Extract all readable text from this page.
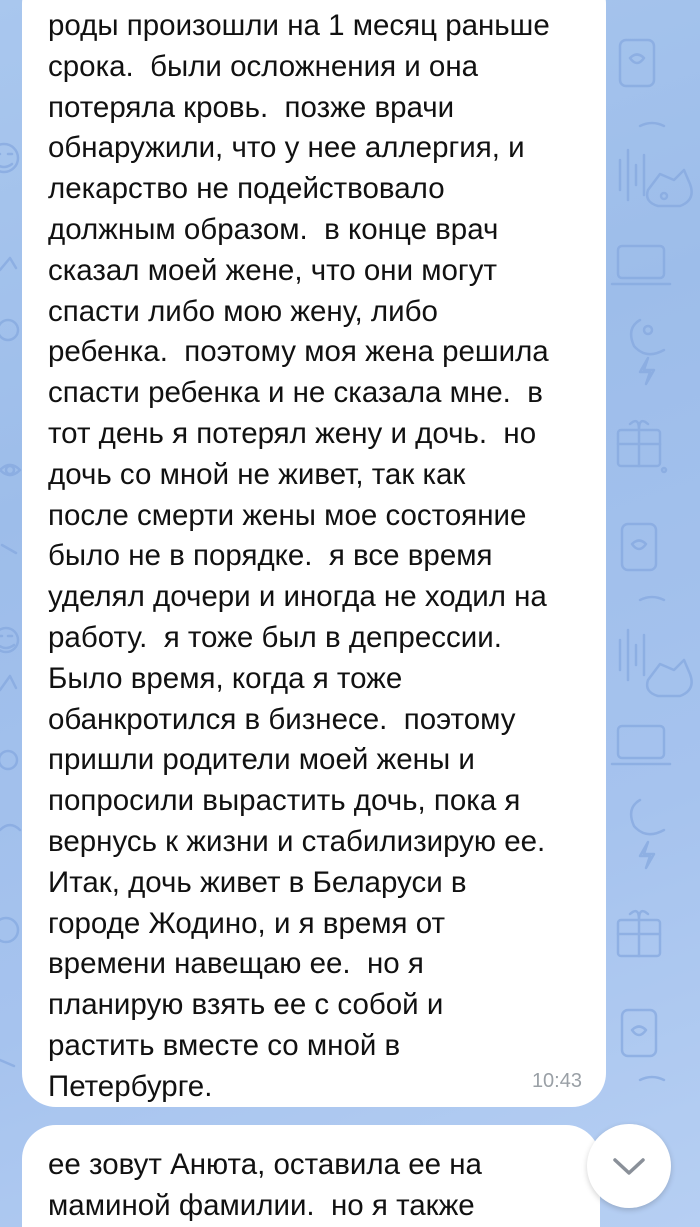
роды произошли на 1 месяц раньше
срока.  были осложнения и она
потеряла кровь.  позже врачи
обнаружили, что у нее аллергия, и
лекарство не подействовало
должным образом.  в конце врач
сказал моей жене, что они могут
спасти либо мою жену, либо
ребенка.  поэтому моя жена решила
спасти ребенка и не сказала мне.  в
тот день я потерял жену и дочь.  но
дочь со мной не живет, так как
после смерти жены мое состояние
было не в порядке.  я все время
уделял дочери и иногда не ходил на
работу.  я тоже был в депрессии.
Было время, когда я тоже
обанкротился в бизнесе.  поэтому
пришли родители моей жены и
попросили вырастить дочь, пока я
вернусь к жизни и стабилизирую ее.
Итак, дочь живет в Беларуси в
городе Жодино, и я время от
времени навещаю ее.  но я
планирую взять ее с собой и
растить вместе со мной в
Петербурге.	10:43

ее зовут Анюта, оставила ее на
маминой фамилии.  но я также
